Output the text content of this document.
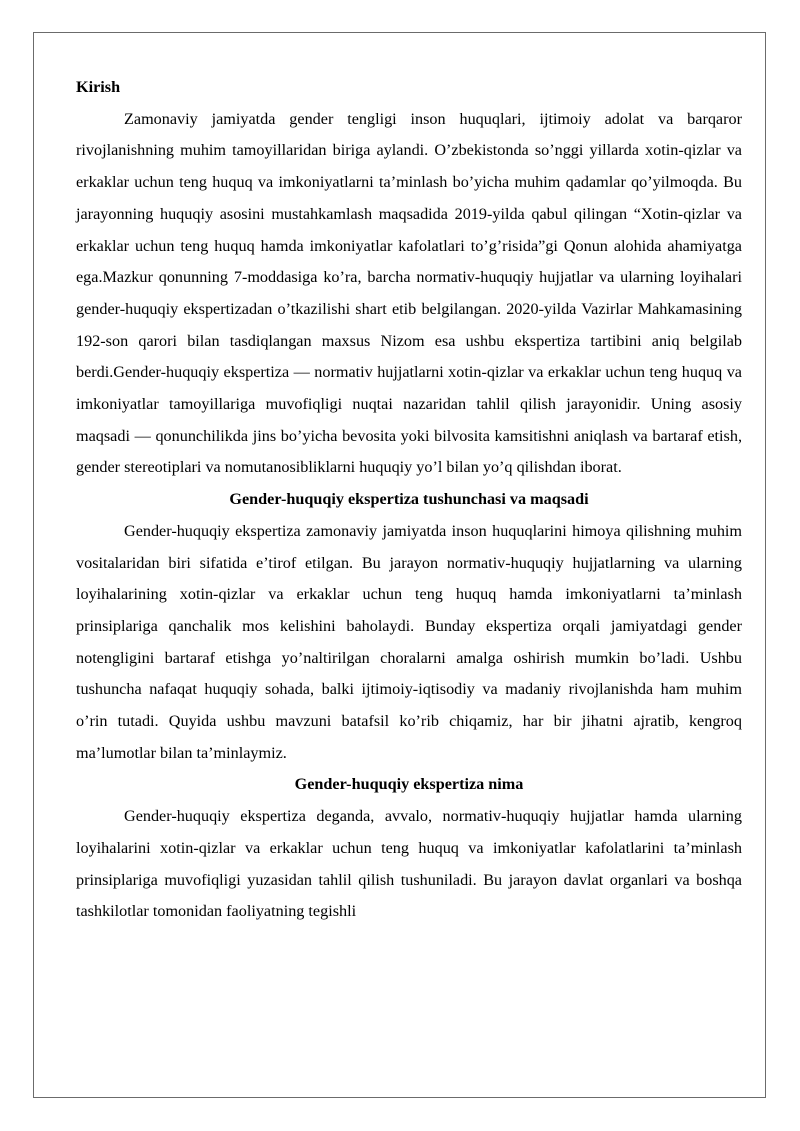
Kirish

Zamonaviy jamiyatda gender tengligi inson huquqlari, ijtimoiy adolat va barqaror rivojlanishning muhim tamoyillaridan biriga aylandi. O’zbekistonda so’nggi yillarda xotin-qizlar va erkaklar uchun teng huquq va imkoniyatlarni ta’minlash bo’yicha muhim qadamlar qo’yilmoqda. Bu jarayonning huquqiy asosini mustahkamlash maqsadida 2019-yilda qabul qilingan “Xotin-qizlar va erkaklar uchun teng huquq hamda imkoniyatlar kafolatlari to’g’risida”gi Qonun alohida ahamiyatga ega.Mazkur qonunning 7-moddasiga ko’ra, barcha normativ-huquqiy hujjatlar va ularning loyihalari gender-huquqiy ekspertizadan o’tkazilishi shart etib belgilangan. 2020-yilda Vazirlar Mahkamasining 192-son qarori bilan tasdiqlangan maxsus Nizom esa ushbu ekspertiza tartibini aniq belgilab berdi.Gender-huquqiy ekspertiza — normativ hujjatlarni xotin-qizlar va erkaklar uchun teng huquq va imkoniyatlar tamoyillariga muvofiqligi nuqtai nazaridan tahlil qilish jarayonidir. Uning asosiy maqsadi — qonunchilikda jins bo’yicha bevosita yoki bilvosita kamsitishni aniqlash va bartaraf etish, gender stereotiplari va nomutanosibliklarni huquqiy yo’l bilan yo’q qilishdan iborat.

Gender-huquqiy ekspertiza tushunchasi va maqsadi

Gender-huquqiy ekspertiza zamonaviy jamiyatda inson huquqlarini himoya qilishning muhim vositalaridan biri sifatida e’tirof etilgan. Bu jarayon normativ-huquqiy hujjatlarning va ularning loyihalarining xotin-qizlar va erkaklar uchun teng huquq hamda imkoniyatlarni ta’minlash prinsiplariga qanchalik mos kelishini baholaydi. Bunday ekspertiza orqali jamiyatdagi gender notengligini bartaraf etishga yo’naltirilgan choralarni amalga oshirish mumkin bo’ladi. Ushbu tushuncha nafaqat huquqiy sohada, balki ijtimoiy-iqtisodiy va madaniy rivojlanishda ham muhim o’rin tutadi. Quyida ushbu mavzuni batafsil ko’rib chiqamiz, har bir jihatni ajratib, kengroq ma’lumotlar bilan ta’minlaymiz.

Gender-huquqiy ekspertiza nima

Gender-huquqiy ekspertiza deganda, avvalo, normativ-huquqiy hujjatlar hamda ularning loyihalarini xotin-qizlar va erkaklar uchun teng huquq va imkoniyatlar kafolatlarini ta’minlash prinsiplariga muvofiqligi yuzasidan tahlil qilish tushuniladi. Bu jarayon davlat organlari va boshqa tashkilotlar tomonidan faoliyatning tegishli
